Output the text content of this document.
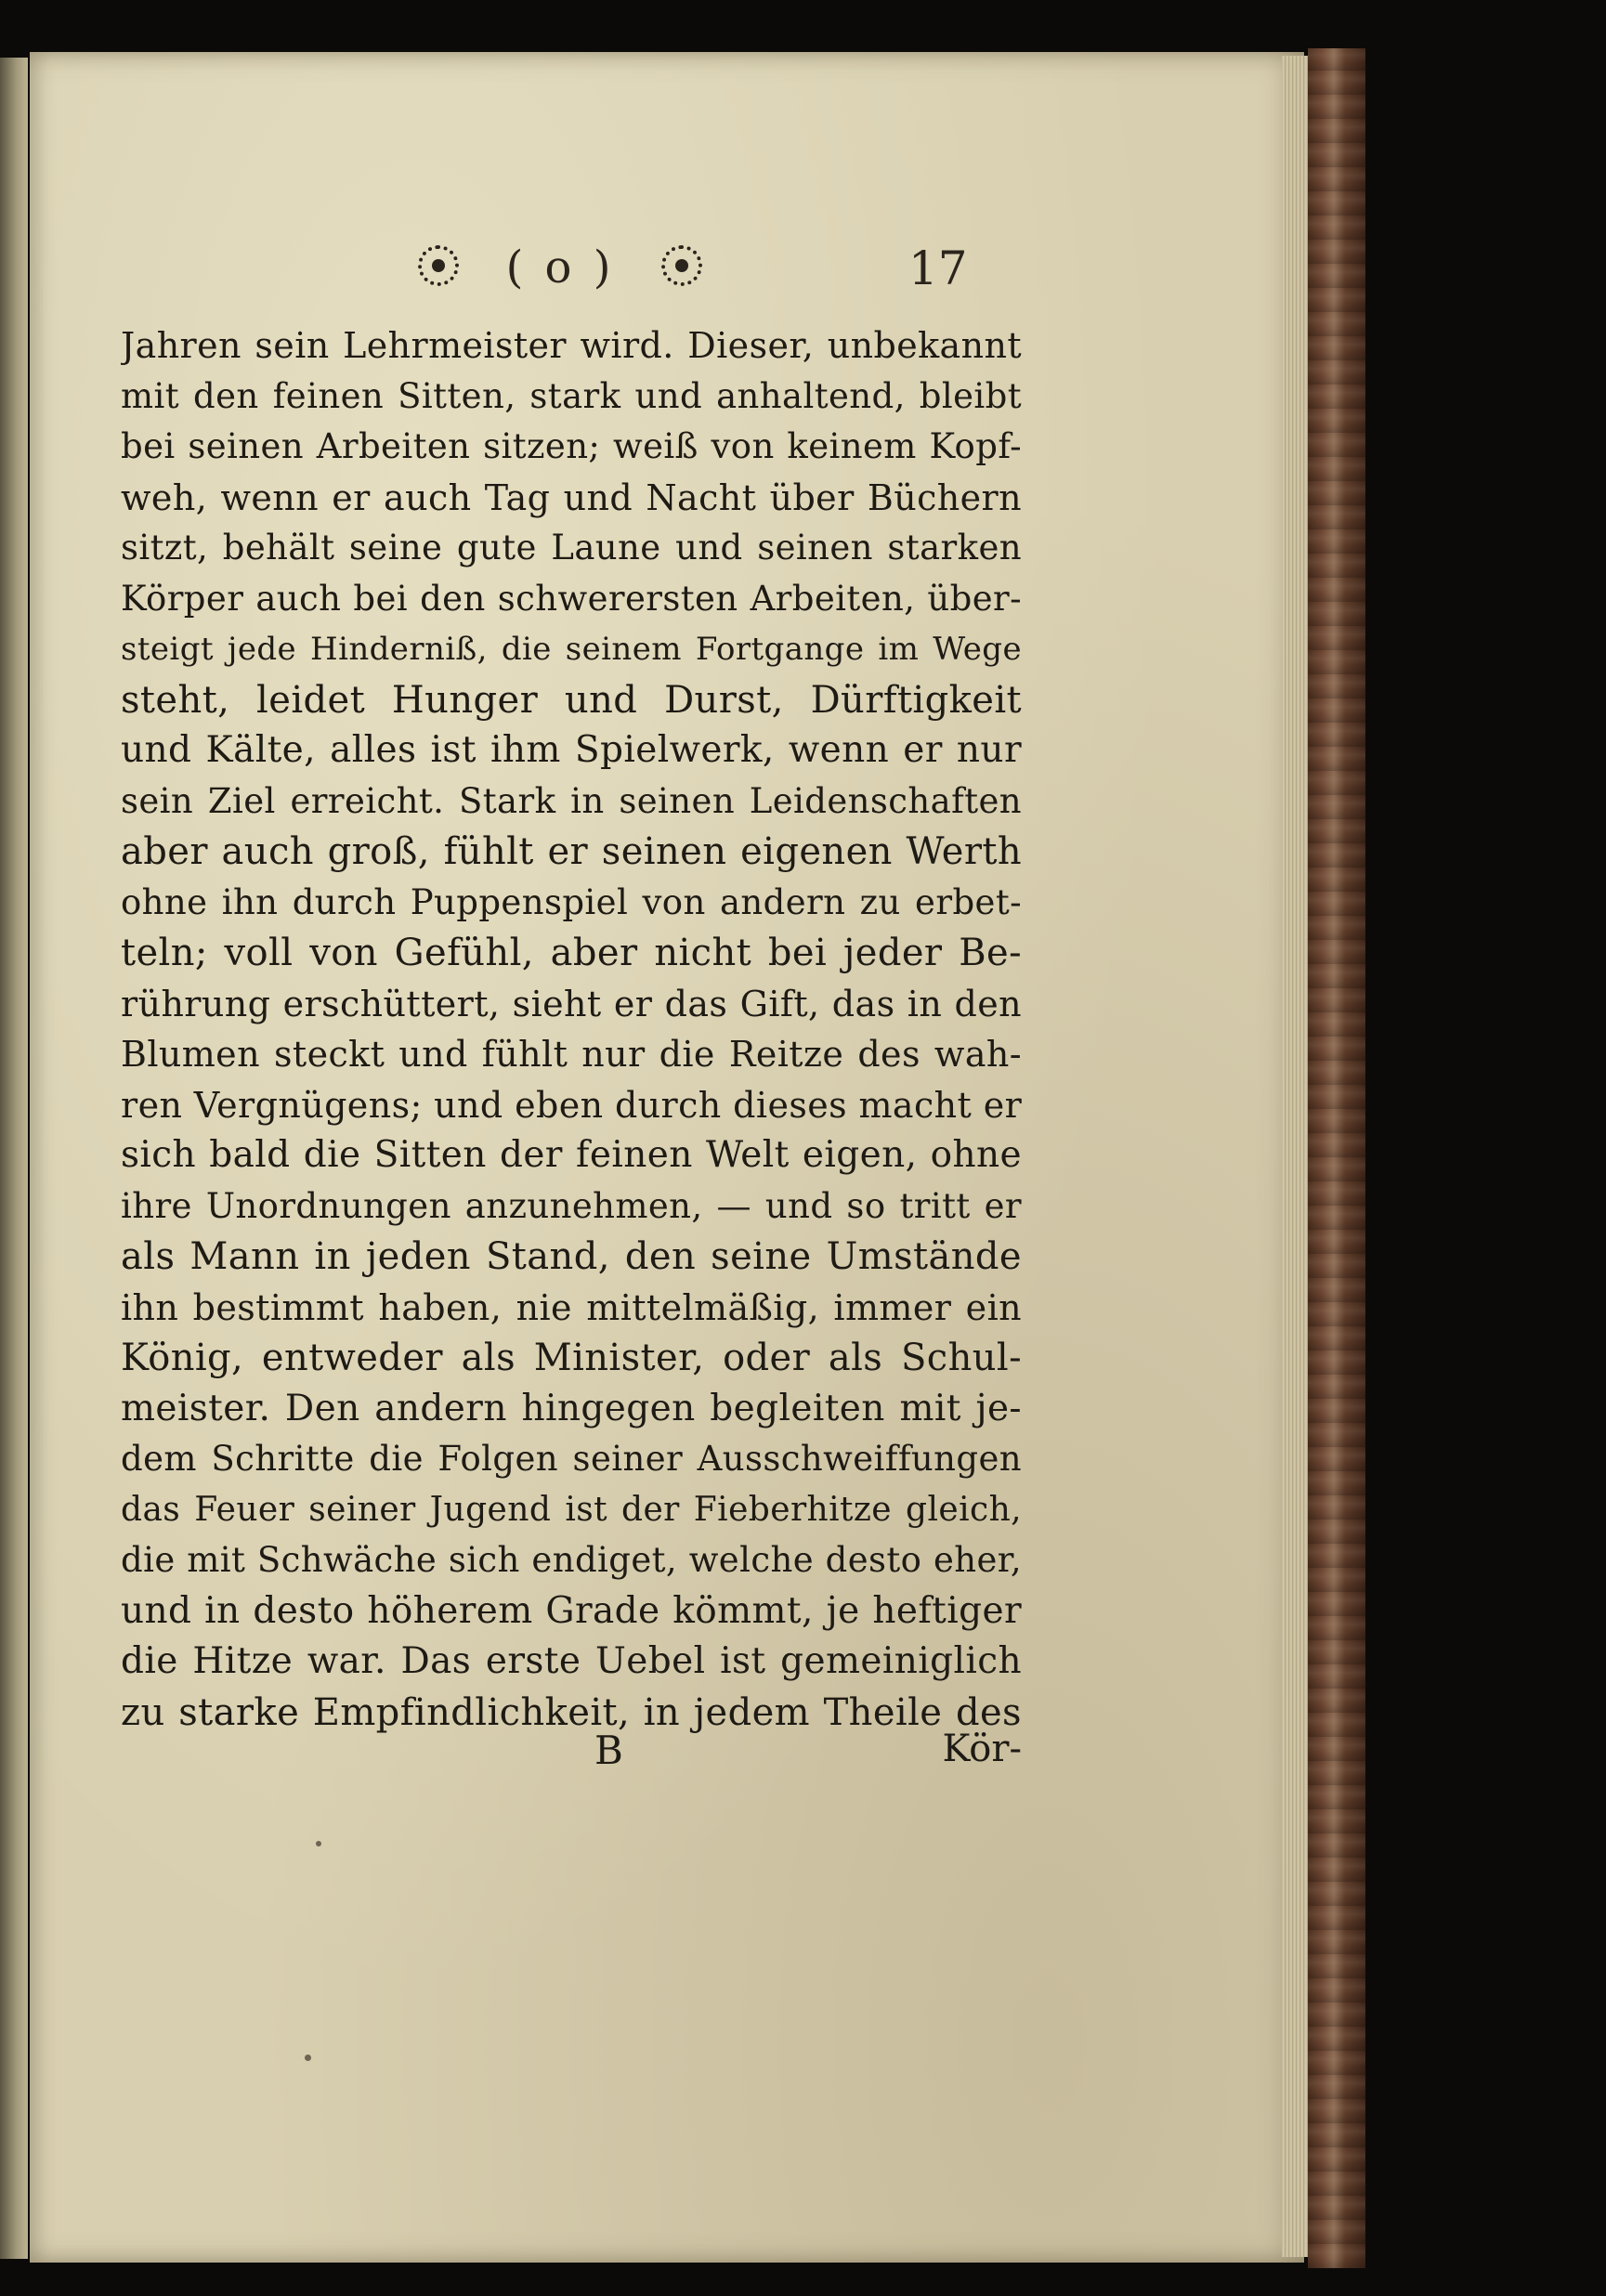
( o )	17
Jahren sein Lehrmeister wird. Dieser, unbekannt
mit den feinen Sitten, stark und anhaltend, bleibt
bei seinen Arbeiten sitzen; weiß von keinem Kopf-
weh, wenn er auch Tag und Nacht über Büchern
sitzt, behält seine gute Laune und seinen starken
Körper auch bei den schwerersten Arbeiten, über-
steigt jede Hinderniß, die seinem Fortgange im Wege
steht, leidet Hunger und Durst, Dürftigkeit
und Kälte, alles ist ihm Spielwerk, wenn er nur
sein Ziel erreicht. Stark in seinen Leidenschaften
aber auch groß, fühlt er seinen eigenen Werth
ohne ihn durch Puppenspiel von andern zu erbet-
teln; voll von Gefühl, aber nicht bei jeder Be-
rührung erschüttert, sieht er das Gift, das in den
Blumen steckt und fühlt nur die Reitze des wah-
ren Vergnügens; und eben durch dieses macht er
sich bald die Sitten der feinen Welt eigen, ohne
ihre Unordnungen anzunehmen, — und so tritt er
als Mann in jeden Stand, den seine Umstände
ihn bestimmt haben, nie mittelmäßig, immer ein
König, entweder als Minister, oder als Schul-
meister. Den andern hingegen begleiten mit je-
dem Schritte die Folgen seiner Ausschweiffungen
das Feuer seiner Jugend ist der Fieberhitze gleich,
die mit Schwäche sich endiget, welche desto eher,
und in desto höherem Grade kömmt, je heftiger
die Hitze war. Das erste Uebel ist gemeiniglich
zu starke Empfindlichkeit, in jedem Theile des
B	Kör-
